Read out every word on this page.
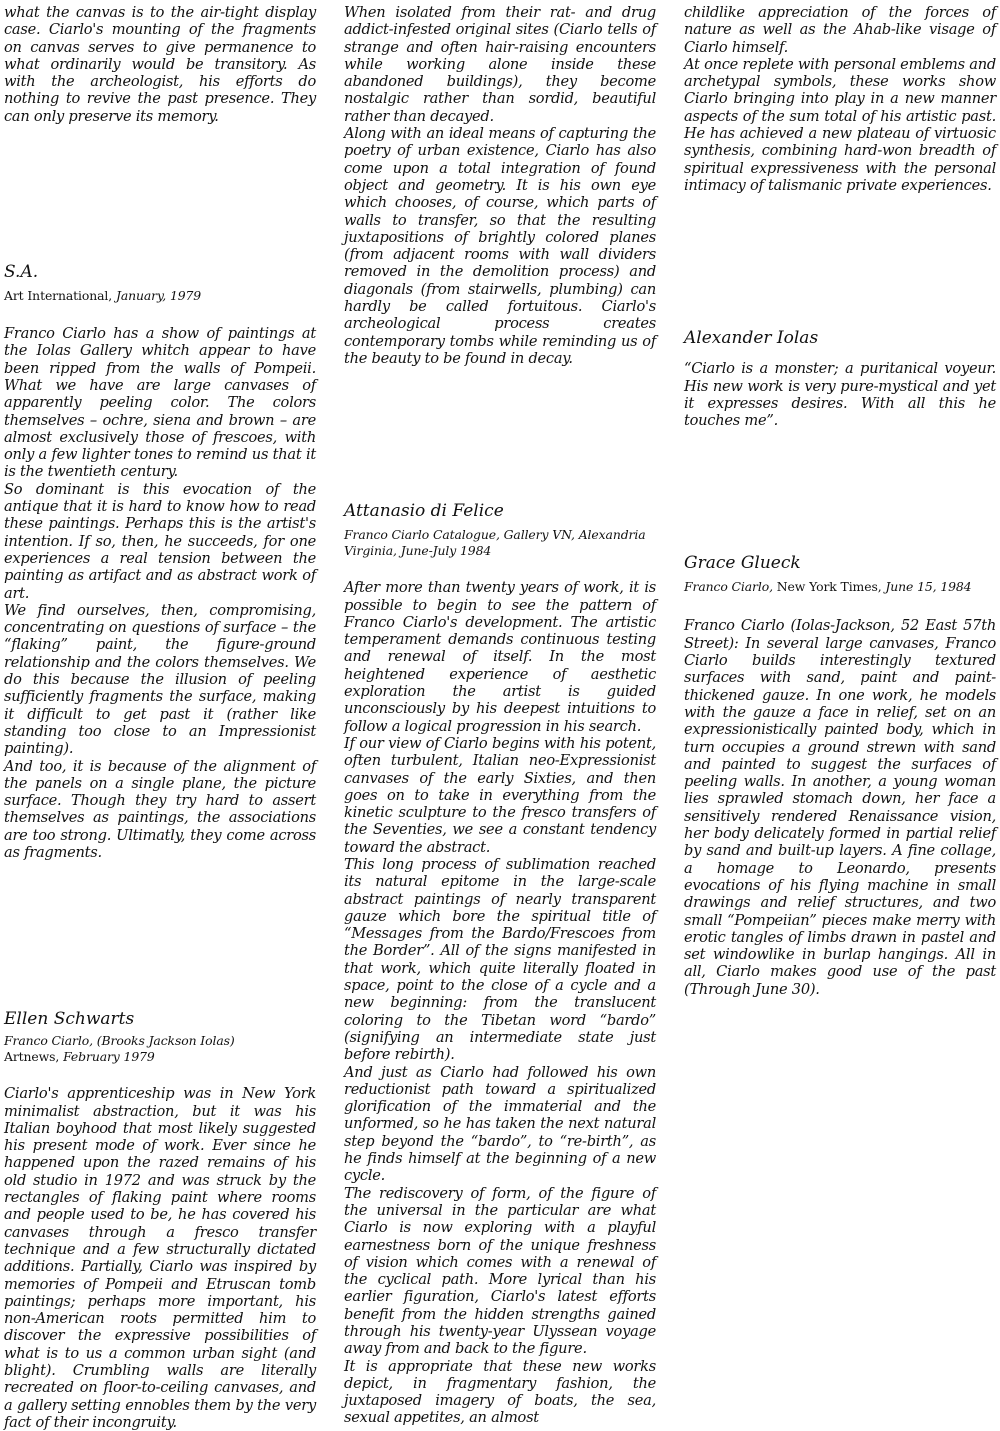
what the canvas is to the air-tight display case. Ciarlo's mounting of the fragments on canvas serves to give permanence to what ordinarily would be transitory. As with the archeologist, his efforts do nothing to revive the past presence. They can only preserve its memory.

S.A.

Art International, January, 1979

Franco Ciarlo has a show of paintings at the Iolas Gallery whitch appear to have been ripped from the walls of Pompeii. What we have are large canvases of apparently peeling color. The colors themselves – ochre, siena and brown – are almost exclusively those of frescoes, with only a few lighter tones to remind us that it is the twentieth century.

So dominant is this evocation of the antique that it is hard to know how to read these paintings. Perhaps this is the artist's intention. If so, then, he succeeds, for one experiences a real tension between the painting as artifact and as abstract work of art.

We find ourselves, then, compromising, concentrating on questions of surface – the “flaking” paint, the figure-ground relationship and the colors themselves. We do this because the illusion of peeling sufficiently fragments the surface, making it difficult to get past it (rather like standing too close to an Impressionist painting).

And too, it is because of the alignment of the panels on a single plane, the picture surface. Though they try hard to assert themselves as paintings, the associations are too strong. Ultimatly, they come across as fragments.

Ellen Schwarts

Franco Ciarlo, (Brooks Jackson Iolas)
Artnews, February 1979

Ciarlo's apprenticeship was in New York minimalist abstraction, but it was his Italian boyhood that most likely suggested his present mode of work. Ever since he happened upon the razed remains of his old studio in 1972 and was struck by the rectangles of flaking paint where rooms and people used to be, he has covered his canvases through a fresco transfer technique and a few structurally dictated additions. Partially, Ciarlo was inspired by memories of Pompeii and Etruscan tomb paintings; perhaps more important, his non-American roots permitted him to discover the expressive possibilities of what is to us a common urban sight (and blight). Crumbling walls are literally recreated on floor-to-ceiling canvases, and a gallery setting ennobles them by the very fact of their incongruity.

When isolated from their rat- and drug addict-infested original sites (Ciarlo tells of strange and often hair-raising encounters while working alone inside these abandoned buildings), they become nostalgic rather than sordid, beautiful rather than decayed.

Along with an ideal means of capturing the poetry of urban existence, Ciarlo has also come upon a total integration of found object and geometry. It is his own eye which chooses, of course, which parts of walls to transfer, so that the resulting juxtapositions of brightly colored planes (from adjacent rooms with wall dividers removed in the demolition process) and diagonals (from stairwells, plumbing) can hardly be called fortuitous. Ciarlo's archeological process creates contemporary tombs while reminding us of the beauty to be found in decay.

Attanasio di Felice

Franco Ciarlo Catalogue, Gallery VN, Alexandria Virginia, June-July 1984

After more than twenty years of work, it is possible to begin to see the pattern of Franco Ciarlo's development. The artistic temperament demands continuous testing and renewal of itself. In the most heightened experience of aesthetic exploration the artist is guided unconsciously by his deepest intuitions to follow a logical progression in his search.

If our view of Ciarlo begins with his potent, often turbulent, Italian neo-Expressionist canvases of the early Sixties, and then goes on to take in everything from the kinetic sculpture to the fresco transfers of the Seventies, we see a constant tendency toward the abstract.

This long process of sublimation reached its natural epitome in the large-scale abstract paintings of nearly transparent gauze which bore the spiritual title of “Messages from the Bardo/Frescoes from the Border”. All of the signs manifested in that work, which quite literally floated in space, point to the close of a cycle and a new beginning: from the translucent coloring to the Tibetan word “bardo” (signifying an intermediate state just before rebirth).

And just as Ciarlo had followed his own reductionist path toward a spiritualized glorification of the immaterial and the unformed, so he has taken the next natural step beyond the “bardo”, to “re-birth”, as he finds himself at the beginning of a new cycle.

The rediscovery of form, of the figure of the universal in the particular are what Ciarlo is now exploring with a playful earnestness born of the unique freshness of vision which comes with a renewal of the cyclical path. More lyrical than his earlier figuration, Ciarlo's latest efforts benefit from the hidden strengths gained through his twenty-year Ulyssean voyage away from and back to the figure.

It is appropriate that these new works depict, in fragmentary fashion, the juxtaposed imagery of boats, the sea, sexual appetites, an almost

childlike appreciation of the forces of nature as well as the Ahab-like visage of Ciarlo himself.

At once replete with personal emblems and archetypal symbols, these works show Ciarlo bringing into play in a new manner aspects of the sum total of his artistic past. He has achieved a new plateau of virtuosic synthesis, combining hard-won breadth of spiritual expressiveness with the personal intimacy of talismanic private experiences.

Alexander Iolas

“Ciarlo is a monster; a puritanical voyeur. His new work is very pure-mystical and yet it expresses desires. With all this he touches me”.

Grace Glueck

Franco Ciarlo, New York Times, June 15, 1984

Franco Ciarlo (Iolas-Jackson, 52 East 57th Street): In several large canvases, Franco Ciarlo builds interestingly textured surfaces with sand, paint and paint-thickened gauze. In one work, he models with the gauze a face in relief, set on an expressionistically painted body, which in turn occupies a ground strewn with sand and painted to suggest the surfaces of peeling walls. In another, a young woman lies sprawled stomach down, her face a sensitively rendered Renaissance vision, her body delicately formed in partial relief by sand and built-up layers. A fine collage, a homage to Leonardo, presents evocations of his flying machine in small drawings and relief structures, and two small “Pompeiian” pieces make merry with erotic tangles of limbs drawn in pastel and set windowlike in burlap hangings. All in all, Ciarlo makes good use of the past (Through June 30).
